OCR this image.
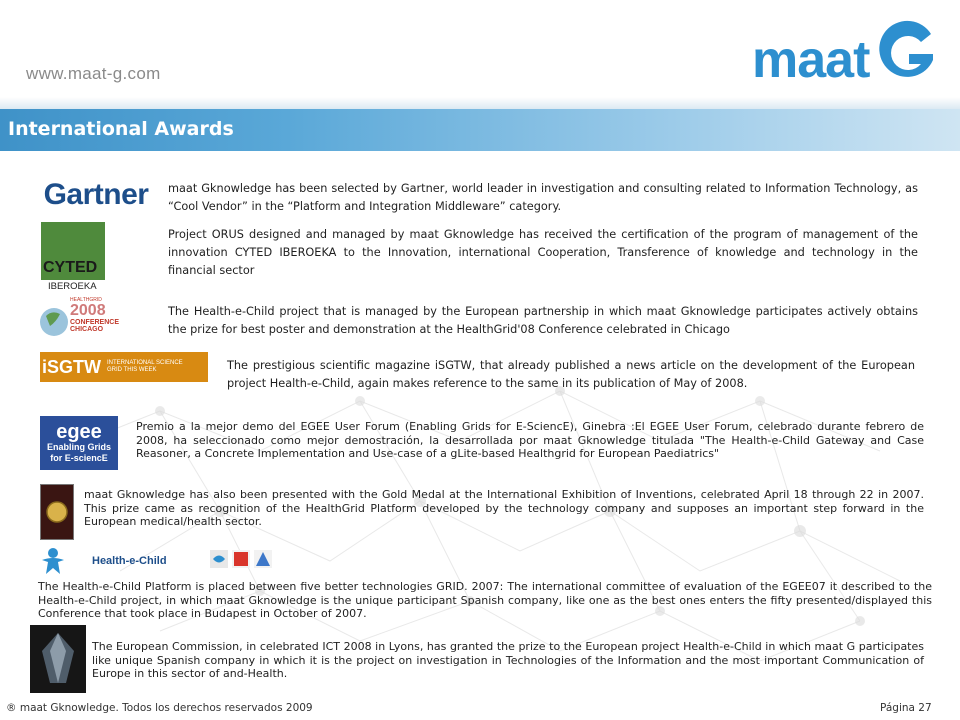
www.maat-g.com	maat
International Awards
Gartner maat Gknowledge has been selected by Gartner, world leader in investigation and consulting related to Information Technology, as “Cool Vendor” in the “Platform and Integration Middleware” category.
CYTED
IBEROEKA
Project ORUS designed and managed by maat Gknowledge has received the certification of the program of management of the innovation CYTED IBEROEKA to the Innovation, international Cooperation, Transference of knowledge and technology in the financial sector
HEALTHGRID
2008
CONFERENCE
CHICAGO
The Health-e-Child project that is managed by the European partnership in which maat Gknowledge participates actively obtains the prize for best poster and demonstration at the HealthGrid'08 Conference celebrated in Chicago
iSGTW INTERNATIONAL SCIENCE GRID THIS WEEK	The prestigious scientific magazine iSGTW, that already published a news article on the development of the European project Health-e-Child, again makes reference to the same in its publication of May of 2008.
egee
Enabling Grids
for E-sciencE
Premio a la mejor demo del EGEE User Forum (Enabling Grids for E-SciencE), Ginebra :El EGEE User Forum, celebrado durante febrero de 2008, ha seleccionado como mejor demostración, la desarrollada por maat Gknowledge titulada "The Health-e-Child Gateway and Case Reasoner, a Concrete Implementation and Use-case of a gLite-based Healthgrid for European Paediatrics"
maat Gknowledge has also been presented with the Gold Medal at the International Exhibition of Inventions, celebrated April 18 through 22 in 2007. This prize came as recognition of the HealthGrid Platform developed by the technology company and supposes an important step forward in the European medical/health sector.
Health-e-Child
The Health-e-Child Platform is placed between five better technologies GRID. 2007: The international committee of evaluation of the EGEE07 it described to the Health-e-Child project, in which maat Gknowledge is the unique participant Spanish company, like one as the best ones enters the fifty presented/displayed this Conference that took place in Budapest in October of 2007.
The European Commission, in celebrated ICT 2008 in Lyons, has granted the prize to the European project Health-e-Child in which maat G participates like unique Spanish company in which it is the project on investigation in Technologies of the Information and the most important Communication of Europe in this sector of and-Health.
® maat Gknowledge. Todos los derechos reservados 2009	Página 27
